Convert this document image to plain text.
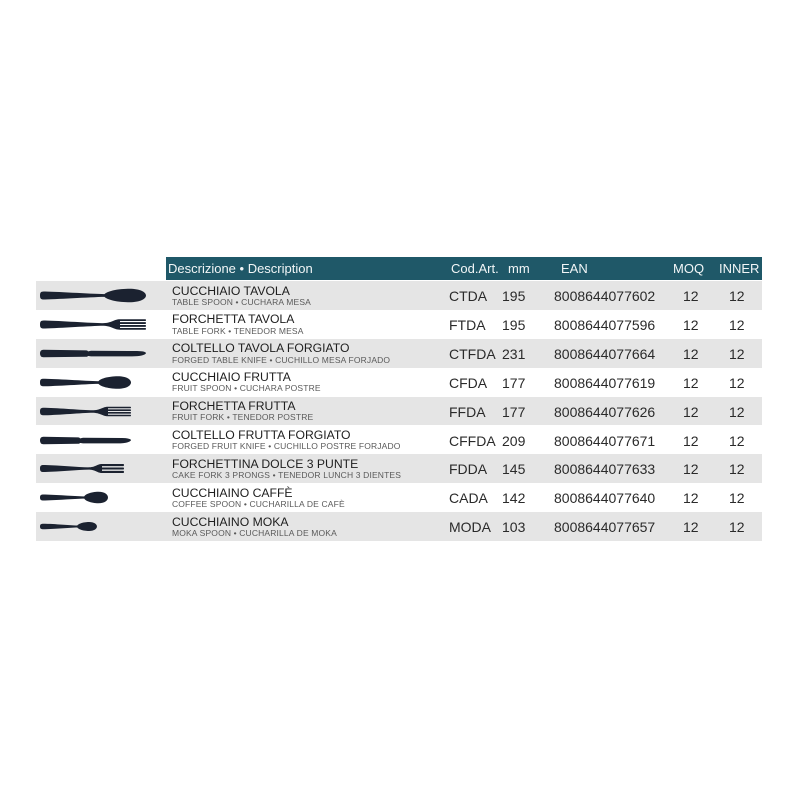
Descrizione • Description	Cod.Art. mm EAN	MOQ INNER
CUCCHIAIO TAVOLA
TABLE SPOON • CUCHARA MESA	CTDA 195 8008644077602 12 12
FORCHETTA TAVOLA
TABLE FORK • TENEDOR MESA	FTDA 195 8008644077596 12 12
COLTELLO TAVOLA FORGIATO
FORGED TABLE KNIFE • CUCHILLO MESA FORJADO	CTFDA 231 8008644077664 12 12
CUCCHIAIO FRUTTA
FRUIT SPOON • CUCHARA POSTRE	CFDA 177 8008644077619 12 12
FORCHETTA FRUTTA
FRUIT FORK • TENEDOR POSTRE	FFDA 177 8008644077626 12 12
COLTELLO FRUTTA FORGIATO
FORGED FRUIT KNIFE • CUCHILLO POSTRE FORJADO	CFFDA 209 8008644077671 12 12
FORCHETTINA DOLCE 3 PUNTE
CAKE FORK 3 PRONGS • TENEDOR LUNCH 3 DIENTES	FDDA 145 8008644077633 12 12
CUCCHIAINO CAFFÈ
COFFEE SPOON • CUCHARILLA DE CAFÈ	CADA 142 8008644077640 12 12
CUCCHIAINO MOKA
MOKA SPOON • CUCHARILLA DE MOKA	MODA 103 8008644077657 12 12
